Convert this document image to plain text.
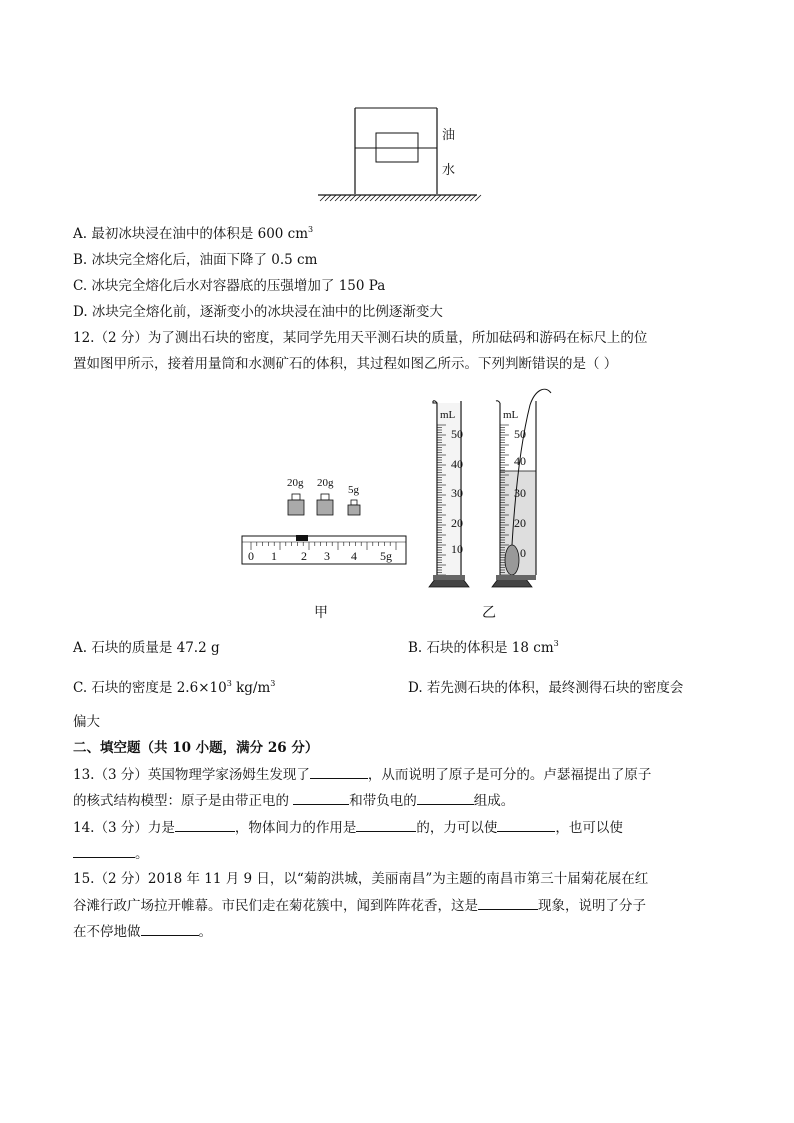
油
水
A. 最初冰块浸在油中的体积是 600 $cm^3$
B. 冰块完全熔化后，油面下降了 0.5 cm
C. 冰块完全熔化后水对容器底的压强增加了 150 Pa
D. 冰块完全熔化前，逐渐变小的冰块浸在油中的比例逐渐变大
12.（2 分）为了测出石块的密度，某同学先用天平测石块的质量，所加砝码和游码在标尺上的位
置如图甲所示，接着用量筒和水测矿石的体积，其过程如图乙所示。下列判断错误的是（ ）
20g 20g
5g
0 1 2 3 4 5g
mL
50
40
30
20
10
mL
50
40
30
20
0
甲	乙
A. 石块的质量是 47.2 g	B. 石块的体积是 18 $cm^3$
C. 石块的密度是 $2.6\times 10^3$ $kg/m^3$	D. 若先测石块的体积，最终测得石块的密度会
偏大
二、填空题（共 10 小题，满分 26 分）
13.（3 分）英国物理学家汤姆生发现了	，从而说明了原子是可分的。卢瑟福提出了原子
的核式结构模型：原子是由带正电的	和带负电的	组成。
14.（3 分）力是	，物体间力的作用是	的，力可以使	，也可以使
。
15.（2 分）2018 年 11 月 9 日，以“菊韵洪城，美丽南昌”为主题的南昌市第三十届菊花展在红
谷滩行政广场拉开帷幕。市民们走在菊花簇中，闻到阵阵花香，这是	现象，说明了分子
在不停地做	。
